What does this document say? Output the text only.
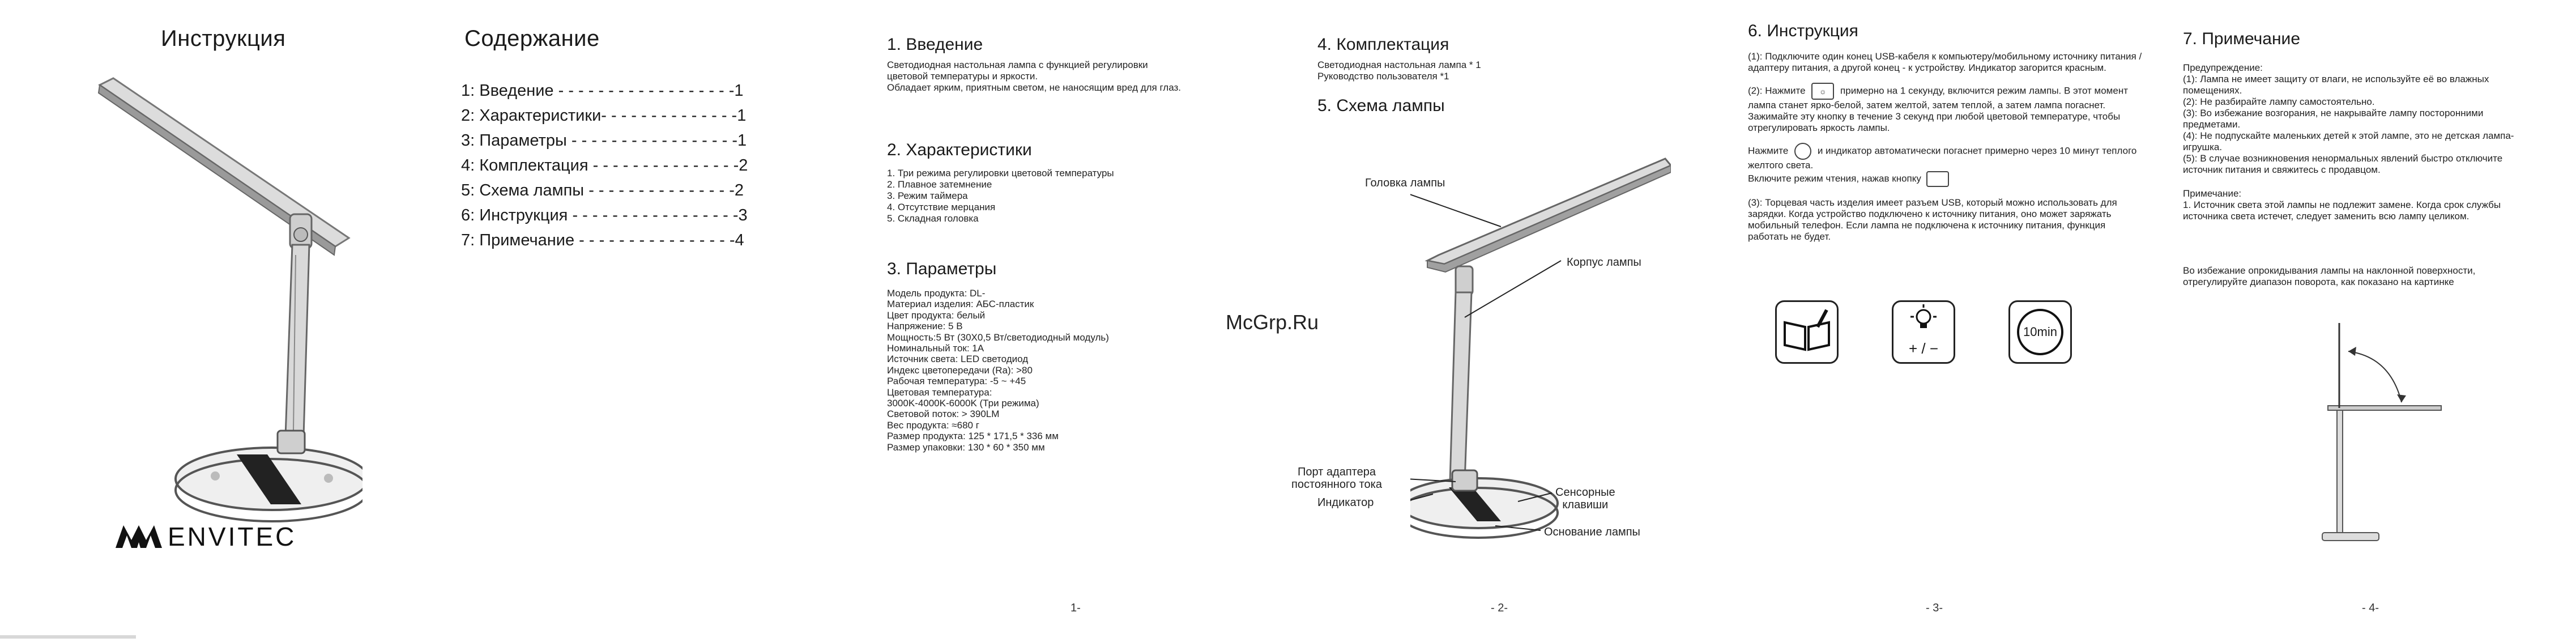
Инструкция
ENVITEC
Содержание
1: Введение - - - - - - - - - - - - - - - - - -1
2: Характеристики- - - - - - - - - - - - - -1
3: Параметры - - - - - - - - - - - - - - - - -1
4: Комплектация - - - - - - - - - - - - - - -2
5: Схема лампы - - - - - - - - - - - - - - -2
6: Инструкция - - - - - - - - - - - - - - - - -3
7: Примечание - - - - - - - - - - - - - - - -4
1. Введение

Светодиодная настольная лампа с функцией регулировки

цветовой температуры и яркости.

Обладает ярким, приятным светом, не наносящим вред для глаз.

2. Характеристики

1. Три режима регулировки цветовой температуры

2. Плавное затемнение

3. Режим таймера

4. Отсутствие мерцания

5. Складная головка

3. Параметры

Модель продукта: DL-

Материал изделия: АБС-пластик

Цвет продукта: белый

Напряжение: 5 В

Мощность:5 Вт (30X0,5 Вт/светодиодный модуль)

Номинальный ток: 1А

Источник света: LED светодиод

Индекс цветопередачи (Ra): >80

Рабочая температура: -5 ~ +45

Цветовая температура:

3000K-4000K-6000K (Три режима)

Световой поток: > 390LM

Вес продукта: ≈680 г

Размер продукта: 125 * 171,5 * 336 мм

Размер упаковки: 130 * 60 * 350 мм

1-
4. Комплектация

Светодиодная настольная лампа * 1

Руководство пользователя *1

5. Схема лампы
McGrp.Ru
Головка лампы
Корпус лампы
Порт адаптера
постоянного тока
Индикатор
Сенсорные
клавиши
Основание лампы
- 2-
6. Инструкция

(1): Подключите один конец USB-кабеля к компьютеру/мобильному источнику питания /адаптеру питания, а другой конец - к устройству. Индикатор загорится красным.

(2): Нажмите ☼ примерно на 1 секунду, включится режим лампы. В этот момент лампа станет ярко-белой, затем желтой, затем теплой, а затем лампа погаснет. Зажимайте эту кнопку в течение 3 секунд при любой цветовой температуре, чтобы отрегулировать яркость лампы.

Нажмите	и индикатор автоматически погаснет примерно через 10 минут теплого желтого света.

Включите режим чтения, нажав кнопку

(3): Торцевая часть изделия имеет разъем USB, который можно использовать для зарядки. Когда устройство подключено к источнику питания, оно может заряжать мобильный телефон. Если лампа не подключена к источнику питания, функция работать не будет.

+ / −
10min
- 3-
7. Примечание

Предупреждение:

(1): Лампа не имеет защиту от влаги, не используйте её во влажных помещениях.

(2): Не разбирайте лампу самостоятельно.

(3): Во избежание возгорания, не накрывайте лампу посторонними предметами.

(4): Не подпускайте маленьких детей к этой лампе, это не детская лампа-игрушка.

(5): В случае возникновения ненормальных явлений быстро отключите источник питания и свяжитесь с продавцом.

Примечание:

1. Источник света этой лампы не подлежит замене. Когда срок службы источника света истечет, следует заменить всю лампу целиком.

Во избежание опрокидывания лампы на наклонной поверхности, отрегулируйте диапазон поворота, как показано на картинке
- 4-
